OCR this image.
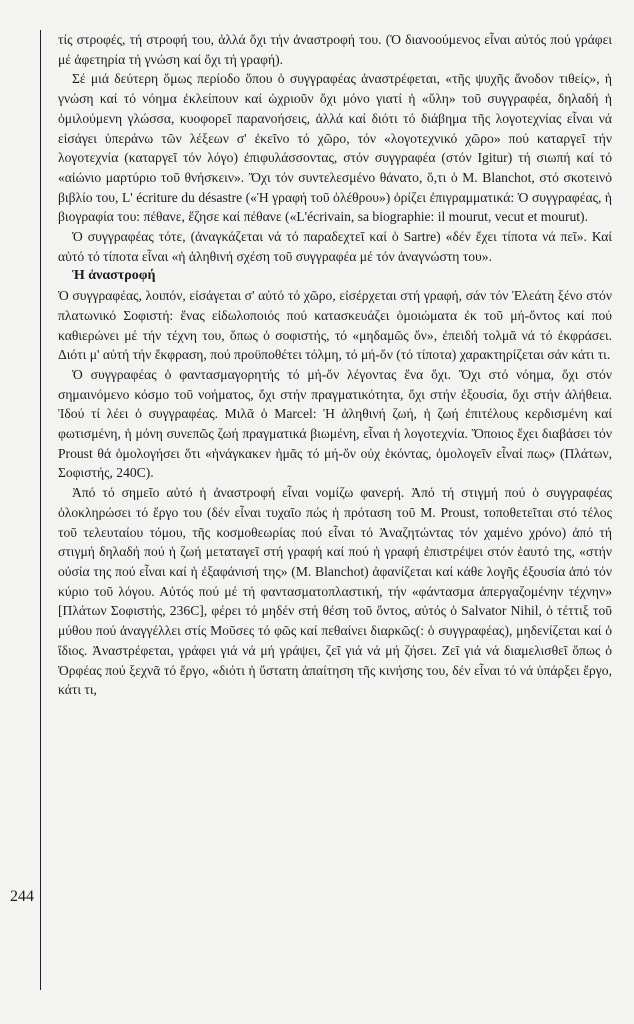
244

τίς στροφές, τή στροφή του, ἀλλά ὄχι τήν ἀναστροφή του. (Ὁ διανοούμενος εἶναι αὐτός πού γράφει μέ ἀφετηρία τή γνώση καί ὄχι τή γραφή).

Σέ μιά δεύτερη ὅμως περίοδο ὅπου ὁ συγγραφέας ἀναστρέφεται, «τῆς ψυχῆς ἄνοδον τιθείς», ἡ γνώση καί τό νόημα ἐκλείπουν καί ὠχριοῦν ὄχι μόνο γιατί ἡ «ὕλη» τοῦ συγγραφέα, δηλαδή ἡ ὁμιλούμενη γλώσσα, κυοφορεῖ παρανοήσεις, ἀλλά καί διότι τό διάβημα τῆς λογοτεχνίας εἶναι νά εἰσάγει ὑπεράνω τῶν λέξεων σ' ἐκεῖνο τό χῶρο, τόν «λογοτεχνικό χῶρο» πού καταργεῖ τήν λογοτεχνία (καταργεῖ τόν λόγο) ἐπιφυλάσσοντας, στόν συγγραφέα (στόν Igitur) τή σιωπή καί τό «αἰώνιο μαρτύριο τοῦ θνήσκειν». Ὄχι τόν συντελεσμένο θάνατο, ὅ,τι ὁ M. Blanchot, στό σκοτεινό βιβλίο του, L' écriture du désastre («Ἡ γραφή τοῦ ὀλέθρου») ὁρίζει ἐπιγραμματικά: Ὁ συγγραφέας, ἡ βιογραφία του: πέθανε, ἔζησε καί πέθανε («L'écrivain, sa biographie: il mourut, vecut et mourut).

Ὁ συγγραφέας τότε, (ἀναγκάζεται νά τό παραδεχτεῖ καί ὁ Sartre) «δέν ἔχει τίποτα νά πεῖ». Καί αὐτό τό τίποτα εἶναι «ἡ ἀληθινή σχέση τοῦ συγγραφέα μέ τόν ἀναγνώστη του».

Ἡ ἀναστροφή

Ὁ συγγραφέας, λοιπόν, εἰσάγεται σ' αὐτό τό χῶρο, εἰσέρχεται στή γραφή, σάν τόν Ἐλεάτη ξένο στόν πλατωνικό Σοφιστή: ἕνας εἰδωλοποιός πού κατασκευάζει ὁμοιώματα ἐκ τοῦ μή-ὄντος καί πού καθιερώνει μέ τήν τέχνη του, ὅπως ὁ σοφιστής, τό «μηδαμῶς ὄν», ἐπειδή τολμᾶ νά τό ἐκφράσει. Διότι μ' αὐτή τήν ἔκφραση, πού προϋποθέτει τόλμη, τό μή-ὄν (τό τίποτα) χαρακτηρίζεται σάν κάτι τι.

Ὁ συγγραφέας ὁ φαντασμαγορητής τό μή-ὄν λέγοντας ἕνα ὄχι. Ὄχι στό νόημα, ὄχι στόν σημαινόμενο κόσμο τοῦ νοήματος, ὄχι στήν πραγματικότητα, ὄχι στήν ἐξουσία, ὄχι στήν ἀλήθεια. Ἰδού τί λέει ὁ συγγραφέας. Μιλᾶ ὁ Marcel: Ἡ ἀληθινή ζωή, ἡ ζωή ἐπιτέλους κερδισμένη καί φωτισμένη, ἡ μόνη συνεπῶς ζωή πραγματικά βιωμένη, εἶναι ἡ λογοτεχνία. Ὅποιος ἔχει διαβάσει τόν Proust θά ὁμολογήσει ὅτι «ἠνάγκακεν ἡμᾶς τό μή-ὄν οὐχ ἑκόντας, ὁμολογεῖν εἶναί πως» (Πλάτων, Σοφιστής, 240C).

Ἀπό τό σημεῖο αὐτό ἡ ἀναστροφή εἶναι νομίζω φανερή. Ἀπό τή στιγμή πού ὁ συγγραφέας ὁλοκληρώσει τό ἔργο του (δέν εἶναι τυχαῖο πώς ἡ πρόταση τοῦ M. Proust, τοποθετεῖται στό τέλος τοῦ τελευταίου τόμου, τῆς κοσμοθεωρίας πού εἶναι τό Ἀναζητώντας τόν χαμένο χρόνο) ἀπό τή στιγμή δηλαδή πού ἡ ζωή μεταταγεῖ στή γραφή καί πού ἡ γραφή ἐπιστρέψει στόν ἑαυτό της, «στήν οὐσία της πού εἶναι καί ἡ ἐξαφάνισή της» (M. Blanchot) ἀφανίζεται καί κάθε λογῆς ἐξουσία ἀπό τόν κύριο τοῦ λόγου. Αὐτός πού μέ τή φαντασματοπλαστική, τήν «φάντασμα ἀπεργαζομένην τέχνην» [Πλάτων Σοφιστής, 236C], φέρει τό μηδέν στή θέση τοῦ ὄντος, αὐτός ὁ Salvator Nihil, ὁ τέττιξ τοῦ μύθου πού ἀναγγέλλει στίς Μοῦσες τό φῶς καί πεθαίνει διαρκῶς(: ὁ συγγραφέας), μηδενίζεται καί ὁ ἴδιος. Ἀναστρέφεται, γράφει γιά νά μή γράψει, ζεῖ γιά νά μή ζήσει. Ζεῖ γιά νά διαμελισθεῖ ὅπως ὁ Ὀρφέας πού ξεχνᾶ τό ἔργο, «διότι ἡ ὕστατη ἀπαίτηση τῆς κινήσης του, δέν εἶναι τό νά ὑπάρξει ἔργο, κάτι τι,
